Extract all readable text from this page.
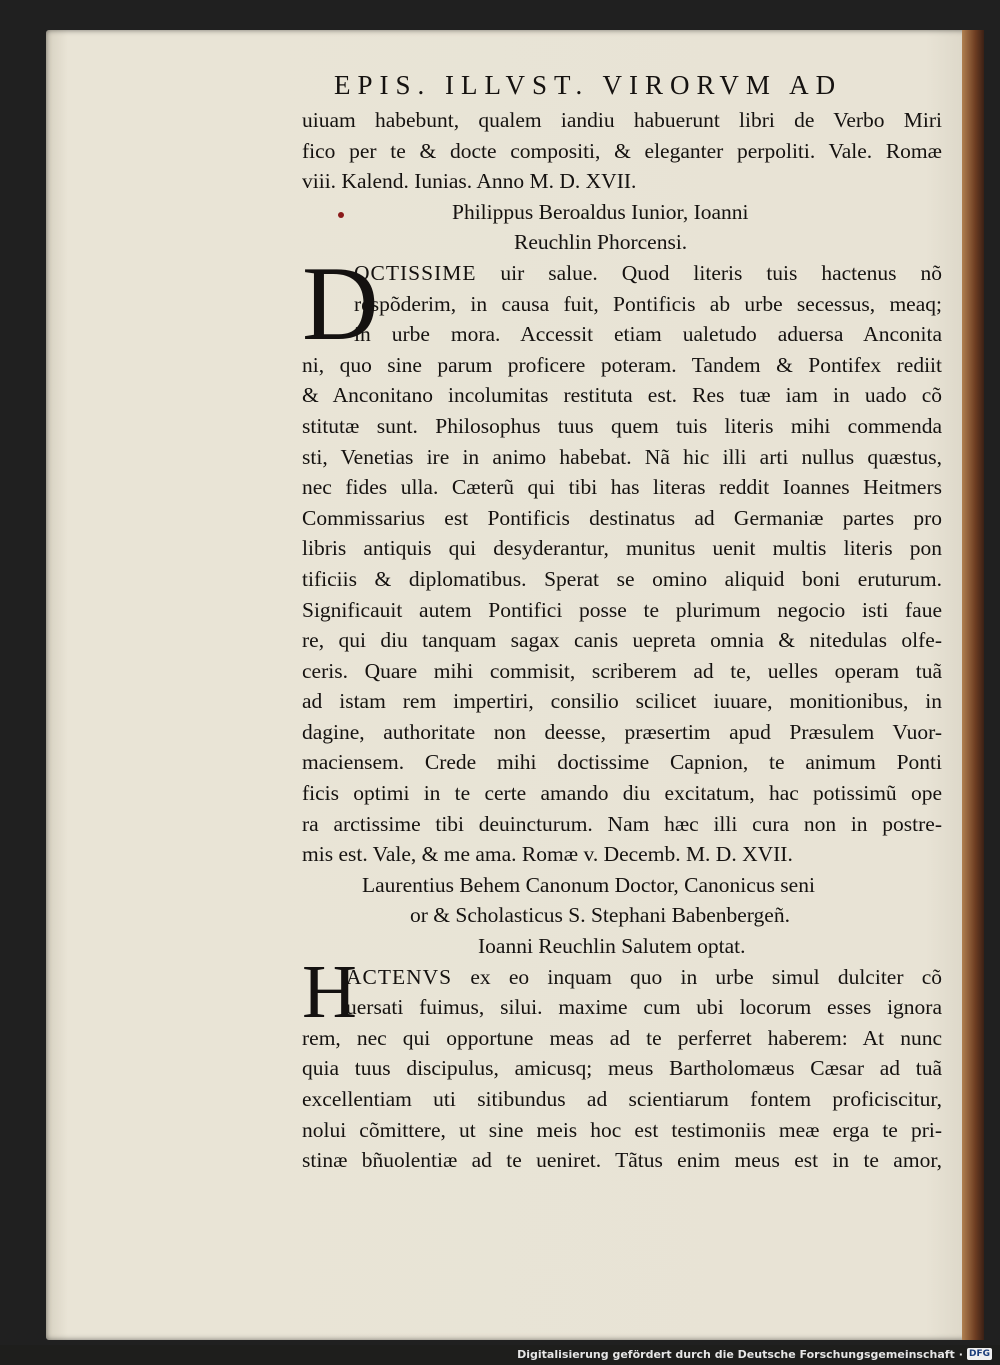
EPIS. ILLVST. VIRORVM AD
uiuam habebunt, qualem iandiu habuerunt libri de Verbo Miri
fico per te & docte compositi, & eleganter perpoliti. Vale. Romæ
viii. Kalend. Iunias. Anno M. D. XVII.
Philippus Beroaldus Iunior, Ioanni
Reuchlin Phorcensi.
D
OCTISSIME uir salue. Quod literis tuis hactenus nõ
respõderim, in causa fuit, Pontificis ab urbe secessus, meaq;
in urbe mora. Accessit etiam ualetudo aduersa Anconita
ni, quo sine parum proficere poteram. Tandem & Pontifex rediit
& Anconitano incolumitas restituta est. Res tuæ iam in uado cõ
stitutæ sunt. Philosophus tuus quem tuis literis mihi commenda
sti, Venetias ire in animo habebat. Nã hic illi arti nullus quæstus,
nec fides ulla. Cæterũ qui tibi has literas reddit Ioannes Heitmers
Commissarius est Pontificis destinatus ad Germaniæ partes pro
libris antiquis qui desyderantur, munitus uenit multis literis pon
tificiis & diplomatibus. Sperat se omino aliquid boni eruturum.
Significauit autem Pontifici posse te plurimum negocio isti faue
re, qui diu tanquam sagax canis uepreta omnia & nitedulas olfe-
ceris. Quare mihi commisit, scriberem ad te, uelles operam tuã
ad istam rem impertiri, consilio scilicet iuuare, monitionibus, in
dagine, authoritate non deesse, præsertim apud Præsulem Vuor-
maciensem. Crede mihi doctissime Capnion, te animum Ponti
ficis optimi in te certe amando diu excitatum, hac potissimũ ope
ra arctissime tibi deuincturum. Nam hæc illi cura non in postre-
mis est. Vale, & me ama. Romæ v. Decemb. M. D. XVII.
Laurentius Behem Canonum Doctor, Canonicus seni
or & Scholasticus S. Stephani Babenbergeñ.
Ioanni Reuchlin Salutem optat.
H
ACTENVS ex eo inquam quo in urbe simul dulciter cõ
uersati fuimus, silui. maxime cum ubi locorum esses ignora
rem, nec qui opportune meas ad te perferret haberem: At nunc
quia tuus discipulus, amicusq; meus Bartholomæus Cæsar ad tuã
excellentiam uti sitibundus ad scientiarum fontem proficiscitur,
nolui cõmittere, ut sine meis hoc est testimoniis meæ erga te pri-
stinæ bñuolentiæ ad te ueniret. Tãtus enim meus est in te amor,
Digitalisierung gefördert durch die Deutsche Forschungsgemeinschaft · DFG
